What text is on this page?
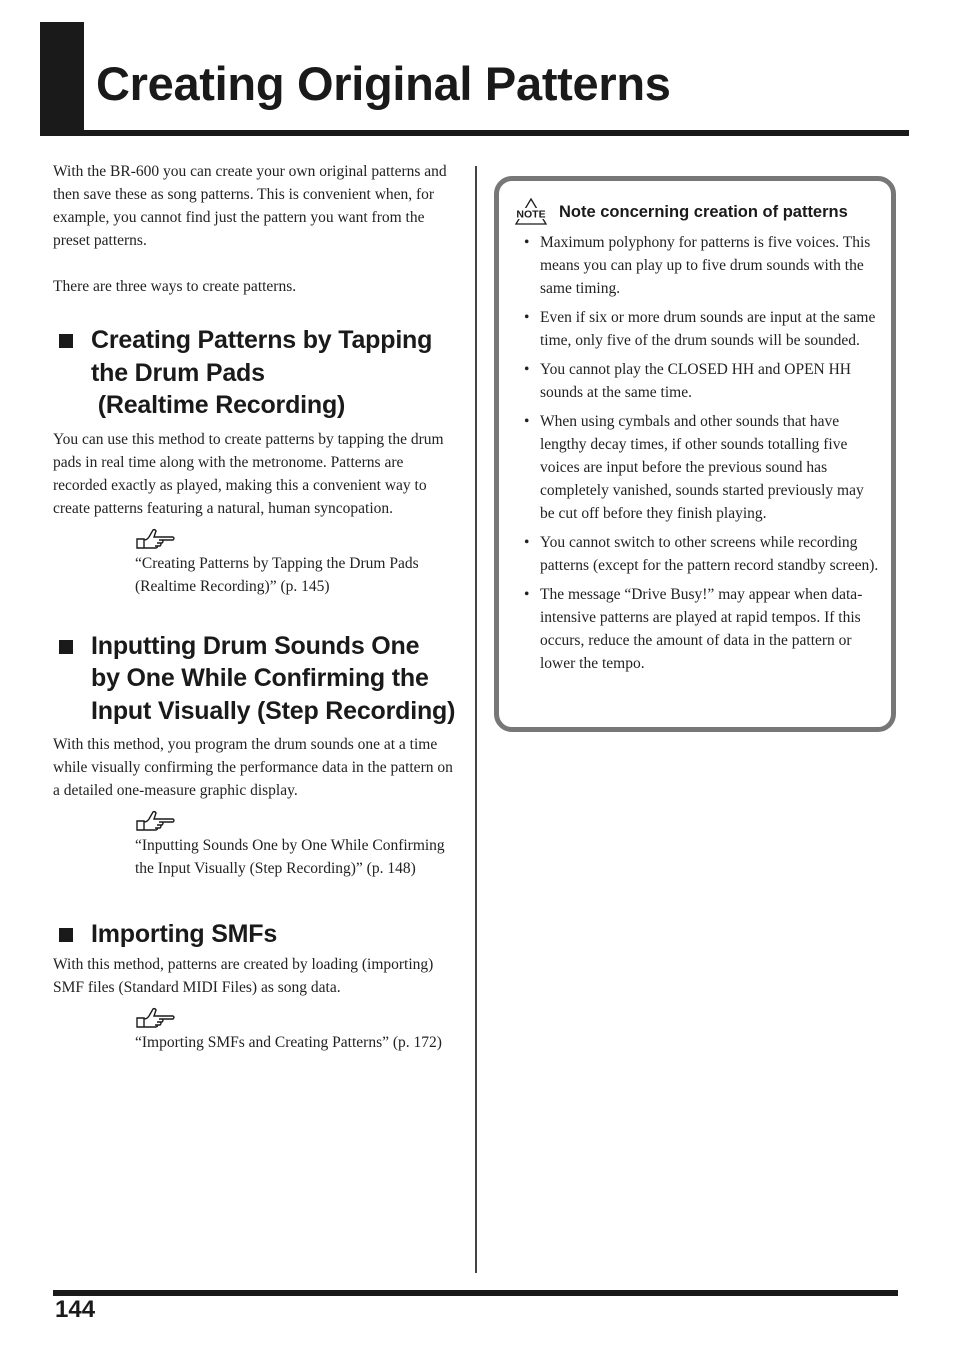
Creating Original Patterns

With the BR-600 you can create your own original patterns and then save these as song patterns. This is convenient when, for example, you cannot find just the pattern you want from the preset patterns.

There are three ways to create patterns.

Creating Patterns by Tapping
the Drum Pads
(Realtime Recording)

You can use this method to create patterns by tapping the drum pads in real time along with the metronome. Patterns are recorded exactly as played, making this a convenient way to create patterns featuring a natural, human syncopation.

“Creating Patterns by Tapping the Drum Pads (Realtime Recording)” (p. 145)

Inputting Drum Sounds One
by One While Confirming the
Input Visually (Step Recording)

With this method, you program the drum sounds one at a time while visually confirming the performance data in the pattern on a detailed one-measure graphic display.

“Inputting Sounds One by One While Confirming the Input Visually (Step Recording)” (p. 148)

Importing SMFs

With this method, patterns are created by loading (importing) SMF files (Standard MIDI Files) as song data.

“Importing SMFs and Creating Patterns” (p. 172)

NOTE Note concerning creation of patterns
• Maximum polyphony for patterns is five voices. This means you can play up to five drum sounds with the same timing.
• Even if six or more drum sounds are input at the same time, only five of the drum sounds will be sounded.
• You cannot play the CLOSED HH and OPEN HH sounds at the same time.
• When using cymbals and other sounds that have lengthy decay times, if other sounds totalling five voices are input before the previous sound has completely vanished, sounds started previously may be cut off before they finish playing.
• You cannot switch to other screens while recording patterns (except for the pattern record standby screen).
• The message “Drive Busy!” may appear when data-intensive patterns are played at rapid tempos. If this occurs, reduce the amount of data in the pattern or lower the tempo.
144
